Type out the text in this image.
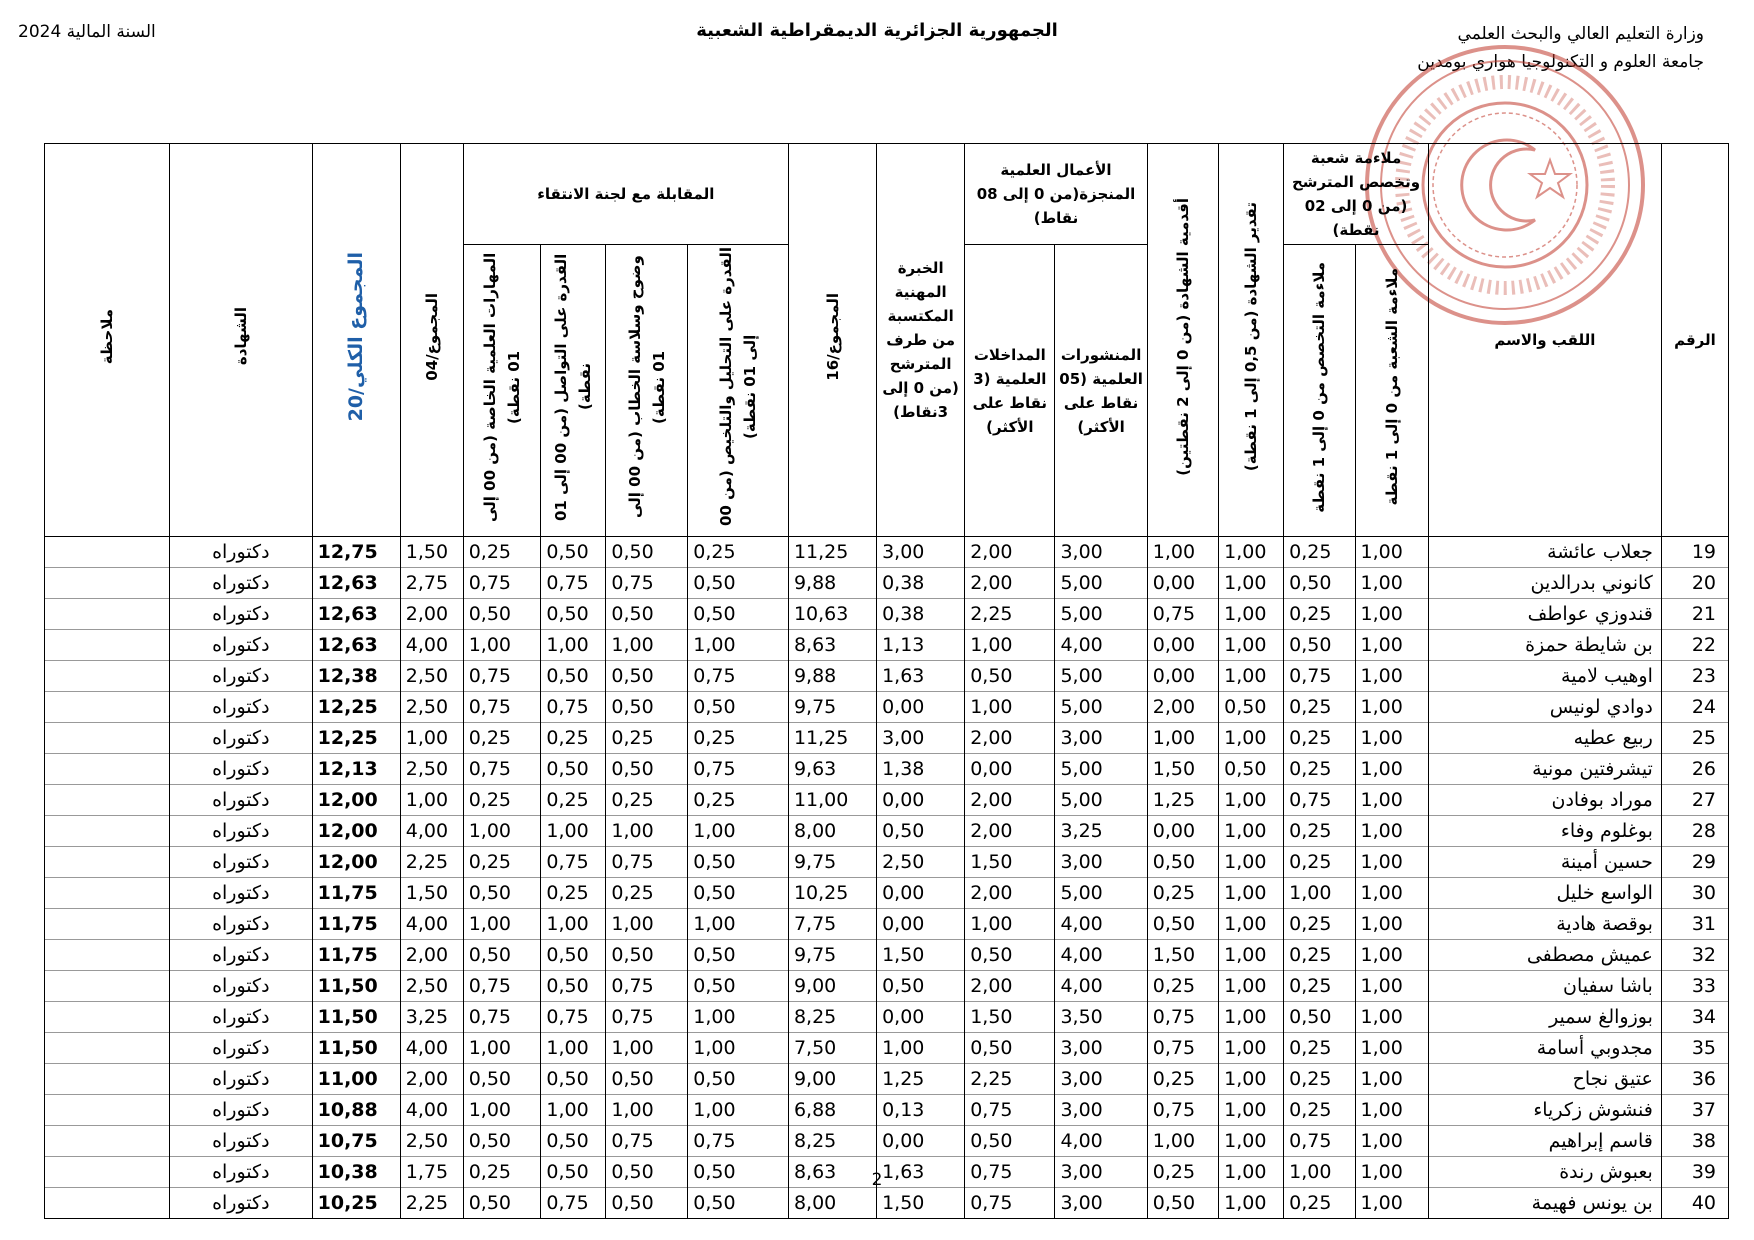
وزارة التعليم العالي والبحث العلمي
جامعة العلوم و التكنولوجيا هواري بومدين
الجمهورية الجزائرية الديمقراطية الشعبية
السنة المالية 2024
الرقم	اللقب والاسم	ملاءمة شعبة وتخصص المترشح (من 0 إلى 02 نقطة)		تقدير الشهادة (من 0,5 إلى 1 نقطة)	أقدمية الشهادة (من 0 إلى 2 نقطتين)	الأعمال العلمية المنجزة(من 0 إلى 08 نقاط)		الخبرة المهنية المكتسبة من طرف المترشح (من 0 إلى 3نقاط)	المجموع/16	المقابلة مع لجنة الانتقاء				المجموع/04	المجموع الكلي/20	الشهادة	ملاحظة
		ملاءمة الشعبة من 0 إلى 1 نقطة	ملاءمة التخصص من 0 إلى 1 نقطة			المنشورات العلمية (05 نقاط على الأكثر)	المداخلات العلمية (3 نقاط على الأكثر)			القدرة على التحليل والتلخيص (من 00 إلى 01 نقطة)	وضوح وسلاسة الخطاب (من 00 إلى 01 نقطة)	القدرة على التواصل (من 00 إلى 01 نقطة)	المهارات العلمية الخاصة (من 00 إلى 01 نقطة)				
19	جعلاب عائشة	1,00	0,25	1,00	1,00	3,00	2,00	3,00	11,25	0,25	0,50	0,50	0,25	1,50	12,75	دكتوراه	
20	كانوني بدرالدين	1,00	0,50	1,00	0,00	5,00	2,00	0,38	9,88	0,50	0,75	0,75	0,75	2,75	12,63	دكتوراه	
21	قندوزي عواطف	1,00	0,25	1,00	0,75	5,00	2,25	0,38	10,63	0,50	0,50	0,50	0,50	2,00	12,63	دكتوراه	
22	بن شايطة حمزة	1,00	0,50	1,00	0,00	4,00	1,00	1,13	8,63	1,00	1,00	1,00	1,00	4,00	12,63	دكتوراه	
23	اوهيب لامية	1,00	0,75	1,00	0,00	5,00	0,50	1,63	9,88	0,75	0,50	0,50	0,75	2,50	12,38	دكتوراه	
24	دوادي لونيس	1,00	0,25	0,50	2,00	5,00	1,00	0,00	9,75	0,50	0,50	0,75	0,75	2,50	12,25	دكتوراه	
25	ربيع عطيه	1,00	0,25	1,00	1,00	3,00	2,00	3,00	11,25	0,25	0,25	0,25	0,25	1,00	12,25	دكتوراه	
26	تيشرفتين مونية	1,00	0,25	0,50	1,50	5,00	0,00	1,38	9,63	0,75	0,50	0,50	0,75	2,50	12,13	دكتوراه	
27	موراد بوفادن	1,00	0,75	1,00	1,25	5,00	2,00	0,00	11,00	0,25	0,25	0,25	0,25	1,00	12,00	دكتوراه	
28	بوغلوم وفاء	1,00	0,25	1,00	0,00	3,25	2,00	0,50	8,00	1,00	1,00	1,00	1,00	4,00	12,00	دكتوراه	
29	حسين أمينة	1,00	0,25	1,00	0,50	3,00	1,50	2,50	9,75	0,50	0,75	0,75	0,25	2,25	12,00	دكتوراه	
30	الواسع خليل	1,00	1,00	1,00	0,25	5,00	2,00	0,00	10,25	0,50	0,25	0,25	0,50	1,50	11,75	دكتوراه	
31	بوقصة هادية	1,00	0,25	1,00	0,50	4,00	1,00	0,00	7,75	1,00	1,00	1,00	1,00	4,00	11,75	دكتوراه	
32	عميش مصطفى	1,00	0,25	1,00	1,50	4,00	0,50	1,50	9,75	0,50	0,50	0,50	0,50	2,00	11,75	دكتوراه	
33	باشا سفيان	1,00	0,25	1,00	0,25	4,00	2,00	0,50	9,00	0,50	0,75	0,50	0,75	2,50	11,50	دكتوراه	
34	بوزوالغ سمير	1,00	0,50	1,00	0,75	3,50	1,50	0,00	8,25	1,00	0,75	0,75	0,75	3,25	11,50	دكتوراه	
35	مجدوبي أسامة	1,00	0,25	1,00	0,75	3,00	0,50	1,00	7,50	1,00	1,00	1,00	1,00	4,00	11,50	دكتوراه	
36	عتيق نجاح	1,00	0,25	1,00	0,25	3,00	2,25	1,25	9,00	0,50	0,50	0,50	0,50	2,00	11,00	دكتوراه	
37	فنشوش زكرياء	1,00	0,25	1,00	0,75	3,00	0,75	0,13	6,88	1,00	1,00	1,00	1,00	4,00	10,88	دكتوراه	
38	قاسم إبراهيم	1,00	0,75	1,00	1,00	4,00	0,50	0,00	8,25	0,75	0,75	0,50	0,50	2,50	10,75	دكتوراه	
39	بعبوش رندة	1,00	1,00	1,00	0,25	3,00	0,75	1,63	8,63	0,50	0,50	0,50	0,25	1,75	10,38	دكتوراه	
40	بن يونس فهيمة	1,00	0,25	1,00	0,50	3,00	0,75	1,50	8,00	0,50	0,50	0,75	0,50	2,25	10,25	دكتوراه	
2
